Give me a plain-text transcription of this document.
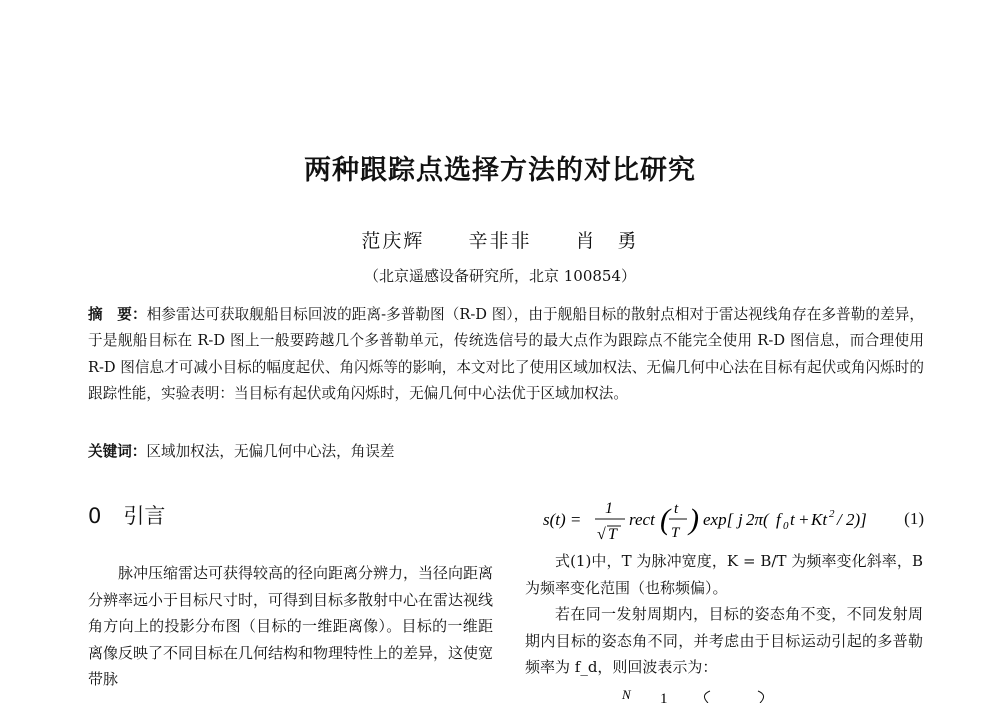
两种跟踪点选择方法的对比研究
范庆辉 辛非非 肖　勇
（北京遥感设备研究所，北京 100854）
摘　要：相参雷达可获取舰船目标回波的距离-多普勒图（R-D 图），由于舰船目标的散射点相对于雷达视线角存在多普勒的差异，于是舰船目标在 R-D 图上一般要跨越几个多普勒单元，传统选信号的最大点作为跟踪点不能完全使用 R-D 图信息，而合理使用 R-D 图信息才可减小目标的幅度起伏、角闪烁等的影响，本文对比了使用区域加权法、无偏几何中心法在目标有起伏或角闪烁时的跟踪性能，实验表明：当目标有起伏或角闪烁时，无偏几何中心法优于区域加权法。
关键词：区域加权法，无偏几何中心法，角误差
0 引言

脉冲压缩雷达可获得较高的径向距离分辨力，当径向距离分辨率远小于目标尺寸时，可得到目标多散射中心在雷达视线角方向上的投影分布图（目标的一维距离像）。目标的一维距离像反映了不同目标在几何结构和物理特性上的差异，这使宽带脉

s(t) =
1
√ T
rect ( t
T ) exp[ j 2π( f 0 t + Kt 2 / 2)] (1)

式(1)中，T 为脉冲宽度，K = B/T 为频率变化斜率，B 为频率变化范围（也称频偏）。

若在同一发射周期内，目标的姿态角不变，不同发射周期内目标的姿态角不同，并考虑由于目标运动引起的多普勒频率为 f_d，则回波表示为：

N 1
